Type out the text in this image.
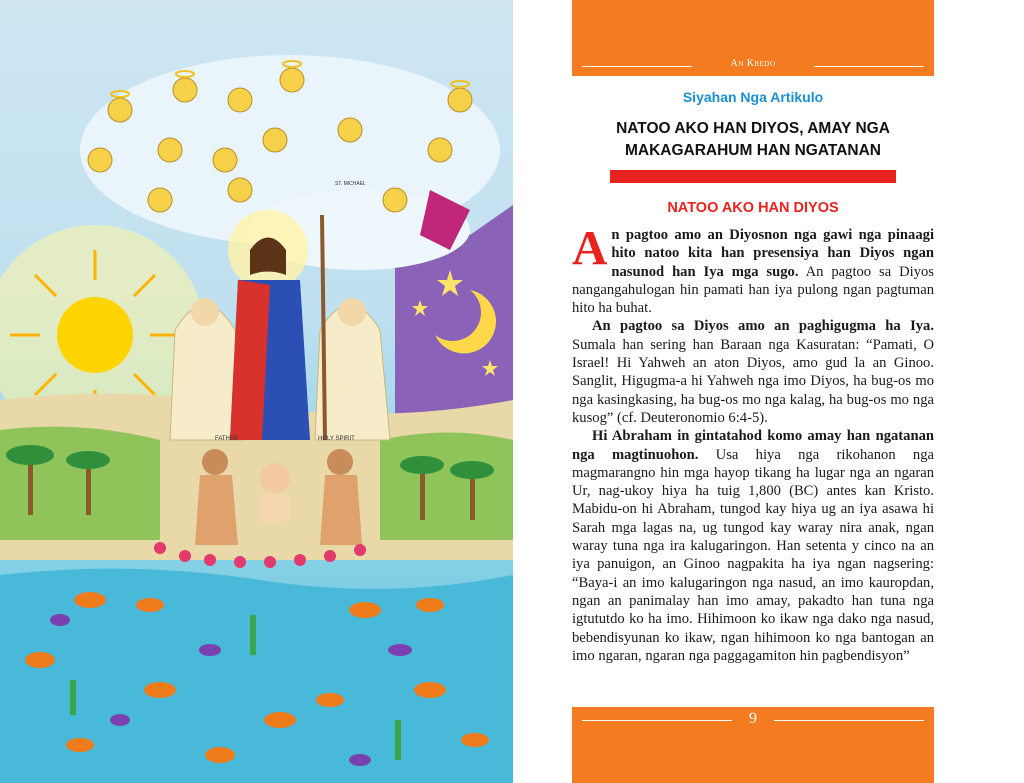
FATHER	HOLY SPIRIT
ST. MICHAEL
An Kredo
Siyahan Nga Artikulo
NATOO AKO HAN DIYOS, AMAY NGA
MAKAGARAHUM HAN NGATANAN
NATOO AKO HAN DIYOS

An pagtoo amo an Diyosnon nga gawi nga pinaagi hito natoo kita han presensiya han Diyos ngan nasunod han Iya mga sugo. An pagtoo sa Diyos nangangahulogan hin pamati han iya pulong ngan pagtuman hito ha buhat.

An pagtoo sa Diyos amo an paghigugma ha Iya. Sumala han sering han Baraan nga Kasuratan: “Pamati, O Israel! Hi Yahweh an aton Diyos, amo gud la an Ginoo. Sanglit, Higugma-a hi Yahweh nga imo Diyos, ha bug-os mo nga kasingkasing, ha bug-os mo nga kalag, ha bug-os mo nga kusog” (cf. Deuteronomio 6:4-5).

Hi Abraham in gintatahod komo amay han ngatanan nga magtinuohon. Usa hiya nga rikohanon nga magmarangno hin mga hayop tikang ha lugar nga an ngaran Ur, nag-ukoy hiya ha tuig 1,800 (BC) antes kan Kristo. Mabidu-on hi Abraham, tungod kay hiya ug an iya asawa hi Sarah mga lagas na, ug tungod kay waray nira anak, ngan waray tuna nga ira kalugaringon. Han setenta y cinco na an iya panuigon, an Ginoo nagpakita ha iya ngan nagsering: “Baya-i an imo kalugaringon nga nasud, an imo kauropdan, ngan an panimalay han imo amay, pakadto han tuna nga igtututdo ko ha imo. Hihimoon ko ikaw nga dako nga nasud, bebendisyunan ko ikaw, ngan hihimoon ko nga bantogan an imo ngaran, ngaran nga paggagamiton hin pagbendisyon”

9
